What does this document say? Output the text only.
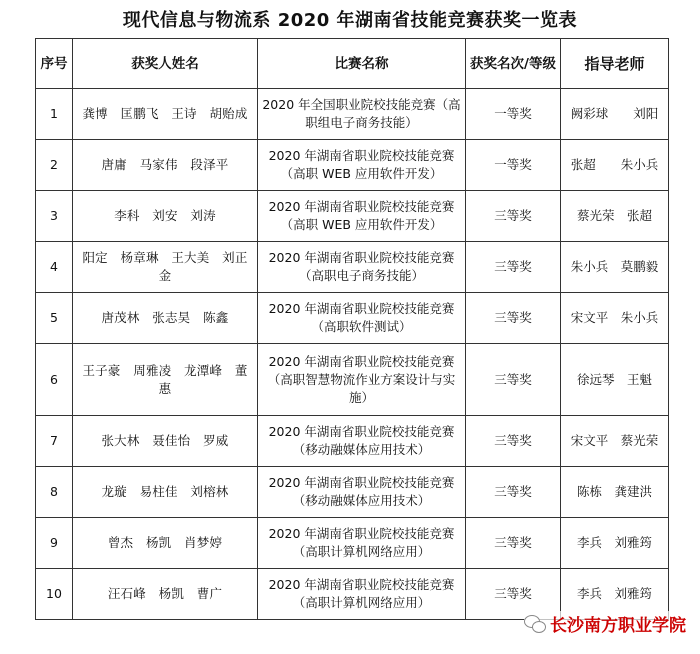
现代信息与物流系 2020 年湖南省技能竞赛获奖一览表
序号	获奖人姓名	比赛名称	获奖名次/等级	指导老师
1	龚博　匡鹏飞　王诗　胡贻成	2020 年全国职业院校技能竞赛（高职组电子商务技能）	一等奖	阙彩球　　刘阳
2	唐庸　马家伟　段泽平	2020 年湖南省职业院校技能竞赛（高职 WEB 应用软件开发）	一等奖	张超　　朱小兵
3	李科　刘安　刘涛	2020 年湖南省职业院校技能竞赛（高职 WEB 应用软件开发）	三等奖	蔡光荣　张超
4	阳定　杨章琳　王大美　刘正金	2020 年湖南省职业院校技能竞赛（高职电子商务技能）	三等奖	朱小兵　莫鹏毅
5	唐茂林　张志昊　陈鑫	2020 年湖南省职业院校技能竞赛（高职软件测试）	三等奖	宋文平　朱小兵
6	王子豪　周雅凌　龙潭峰　董惠	2020 年湖南省职业院校技能竞赛（高职智慧物流作业方案设计与实施）	三等奖	徐远琴　王魁
7	张大林　聂佳怡　罗威	2020 年湖南省职业院校技能竞赛（移动融媒体应用技术）	三等奖	宋文平　蔡光荣
8	龙璇　易柱佳　刘榕林	2020 年湖南省职业院校技能竞赛（移动融媒体应用技术）	三等奖	陈栋　龚建洪
9	曾杰　杨凯　肖梦婷	2020 年湖南省职业院校技能竞赛（高职计算机网络应用）	三等奖	李兵　刘雅筠
10	汪石峰　杨凯　曹广	2020 年湖南省职业院校技能竞赛（高职计算机网络应用）	三等奖	李兵　刘雅筠
长沙南方职业学院
